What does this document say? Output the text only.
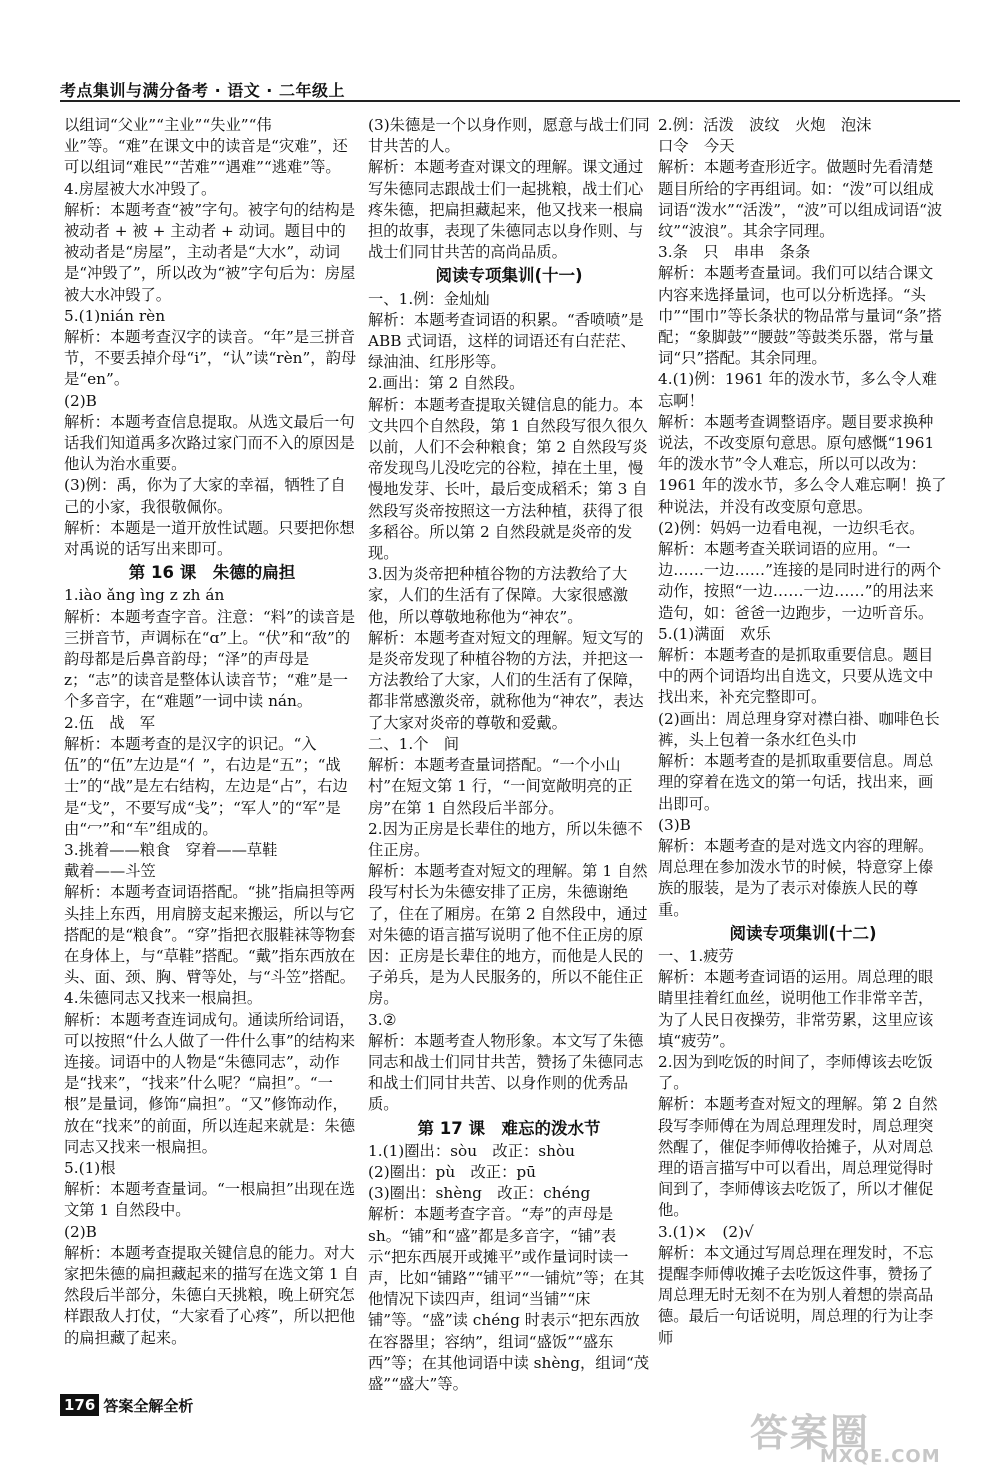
考点集训与满分备考 · 语文 · 二年级上

以组词“父业”“主业”“失业”“伟业”等。“难”在课文中的读音是“灾难”，还可以组词“难民”“苦难”“遇难”“逃难”等。

4.房屋被大水冲毁了。

解析：本题考查“被”字句。被字句的结构是被动者 + 被 + 主动者 + 动词。题目中的被动者是“房屋”，主动者是“大水”，动词是“冲毁了”，所以改为“被”字句后为：房屋被大水冲毁了。

5.(1)nián rèn

解析：本题考查汉字的读音。“年”是三拼音节，不要丢掉介母“i”，“认”读“rèn”，韵母是“en”。

(2)B

解析：本题考查信息提取。从选文最后一句话我们知道禹多次路过家门而不入的原因是他认为治水重要。

(3)例：禹，你为了大家的幸福，牺牲了自己的小家，我很敬佩你。

解析：本题是一道开放性试题。只要把你想对禹说的话写出来即可。

第 16 课　朱德的扁担

1.iào ǎng ìng z zh án

解析：本题考查字音。注意：“料”的读音是三拼音节，声调标在“ɑ”上。“伏”和“敌”的韵母都是后鼻音韵母；“泽”的声母是z；“志”的读音是整体认读音节；“难”是一个多音字，在“难题”一词中读 nán。

2.伍　战　军

解析：本题考查的是汉字的识记。“入伍”的“伍”左边是“亻”，右边是“五”；“战士”的“战”是左右结构，左边是“占”，右边是“戈”，不要写成“戋”；“军人”的“军”是由“冖”和“车”组成的。

3.挑着——粮食　穿着——草鞋

戴着——斗笠

解析：本题考查词语搭配。“挑”指扁担等两头挂上东西，用肩膀支起来搬运，所以与它搭配的是“粮食”。“穿”指把衣服鞋袜等物套在身体上，与“草鞋”搭配。“戴”指东西放在头、面、颈、胸、臂等处，与“斗笠”搭配。

4.朱德同志又找来一根扁担。

解析：本题考查连词成句。通读所给词语，可以按照“什么人做了一件什么事”的结构来连接。词语中的人物是“朱德同志”，动作是“找来”，“找来”什么呢？“扁担”。“一根”是量词，修饰“扁担”。“又”修饰动作，放在“找来”的前面，所以连起来就是：朱德同志又找来一根扁担。

5.(1)根

解析：本题考查量词。“一根扁担”出现在选文第 1 自然段中。

(2)B

解析：本题考查提取关键信息的能力。对大家把朱德的扁担藏起来的描写在选文第 1 自然段后半部分，朱德白天挑粮，晚上研究怎样跟敌人打仗，“大家看了心疼”，所以把他的扁担藏了起来。

(3)朱德是一个以身作则，愿意与战士们同甘共苦的人。

解析：本题考查对课文的理解。课文通过写朱德同志跟战士们一起挑粮，战士们心疼朱德，把扁担藏起来，他又找来一根扁担的故事，表现了朱德同志以身作则、与战士们同甘共苦的高尚品质。

阅读专项集训(十一)

一、1.例：金灿灿

解析：本题考查词语的积累。“香喷喷”是 ABB 式词语，这样的词语还有白茫茫、绿油油、红彤彤等。

2.画出：第 2 自然段。

解析：本题考查提取关键信息的能力。本文共四个自然段，第 1 自然段写很久很久以前，人们不会种粮食；第 2 自然段写炎帝发现鸟儿没吃完的谷粒，掉在土里，慢慢地发芽、长叶，最后变成稻禾；第 3 自然段写炎帝按照这一方法种植，获得了很多稻谷。所以第 2 自然段就是炎帝的发现。

3.因为炎帝把种植谷物的方法教给了大家，人们的生活有了保障。大家很感激他，所以尊敬地称他为“神农”。

解析：本题考查对短文的理解。短文写的是炎帝发现了种植谷物的方法，并把这一方法教给了大家，人们的生活有了保障，都非常感激炎帝，就称他为“神农”，表达了大家对炎帝的尊敬和爱戴。

二、1.个　间

解析：本题考查量词搭配。“一个小山村”在短文第 1 行，“一间宽敞明亮的正房”在第 1 自然段后半部分。

2.因为正房是长辈住的地方，所以朱德不住正房。

解析：本题考查对短文的理解。第 1 自然段写村长为朱德安排了正房，朱德谢绝了，住在了厢房。在第 2 自然段中，通过对朱德的语言描写说明了他不住正房的原因：正房是长辈住的地方，而他是人民的子弟兵，是为人民服务的，所以不能住正房。

3.②

解析：本题考查人物形象。本文写了朱德同志和战士们同甘共苦，赞扬了朱德同志和战士们同甘共苦、以身作则的优秀品质。

第 17 课　难忘的泼水节

1.(1)圈出：sòu　改正：shòu

(2)圈出：pù　改正：pū

(3)圈出：shèng　改正：chéng

解析：本题考查字音。“寿”的声母是 sh。“铺”和“盛”都是多音字，“铺”表示“把东西展开或摊平”或作量词时读一声，比如“铺路”“铺平”“一铺炕”等；在其他情况下读四声，组词“当铺”“床铺”等。“盛”读 chéng 时表示“把东西放在容器里；容纳”，组词“盛饭”“盛东西”等；在其他词语中读 shèng，组词“茂盛”“盛大”等。

2.例：活泼　波纹　火炮　泡沫

口令　今天

解析：本题考查形近字。做题时先看清楚题目所给的字再组词。如：“泼”可以组成词语“泼水”“活泼”，“波”可以组成词语“波纹”“波浪”。其余字同理。

3.条　只　串串　条条

解析：本题考查量词。我们可以结合课文内容来选择量词，也可以分析选择。“头巾”“围巾”等长条状的物品常与量词“条”搭配；“象脚鼓”“腰鼓”等鼓类乐器，常与量词“只”搭配。其余同理。

4.(1)例：1961 年的泼水节，多么令人难忘啊！

解析：本题考查调整语序。题目要求换种说法，不改变原句意思。原句感慨“1961 年的泼水节”令人难忘，所以可以改为：1961 年的泼水节，多么令人难忘啊！换了种说法，并没有改变原句意思。

(2)例：妈妈一边看电视，一边织毛衣。

解析：本题考查关联词语的应用。“一边……一边……”连接的是同时进行的两个动作，按照“一边……一边……”的用法来造句，如：爸爸一边跑步，一边听音乐。

5.(1)满面　欢乐

解析：本题考查的是抓取重要信息。题目中的两个词语均出自选文，只要从选文中找出来，补充完整即可。

(2)画出：周总理身穿对襟白褂、咖啡色长裤，头上包着一条水红色头巾

解析：本题考查的是抓取重要信息。周总理的穿着在选文的第一句话，找出来，画出即可。

(3)B

解析：本题考查的是对选文内容的理解。周总理在参加泼水节的时候，特意穿上傣族的服装，是为了表示对傣族人民的尊重。

阅读专项集训(十二)

一、1.疲劳

解析：本题考查词语的运用。周总理的眼睛里挂着红血丝，说明他工作非常辛苦，为了人民日夜操劳，非常劳累，这里应该填“疲劳”。

2.因为到吃饭的时间了，李师傅该去吃饭了。

解析：本题考查对短文的理解。第 2 自然段写李师傅在为周总理理发时，周总理突然醒了，催促李师傅收拾摊子，从对周总理的语言描写中可以看出，周总理觉得时间到了，李师傅该去吃饭了，所以才催促他。

3.(1)×　(2)√

解析：本文通过写周总理在理发时，不忘提醒李师傅收摊子去吃饭这件事，赞扬了周总理无时无刻不在为别人着想的崇高品德。最后一句话说明，周总理的行为让李师

176 答案全解全析
答案圈
MXQE.COM
